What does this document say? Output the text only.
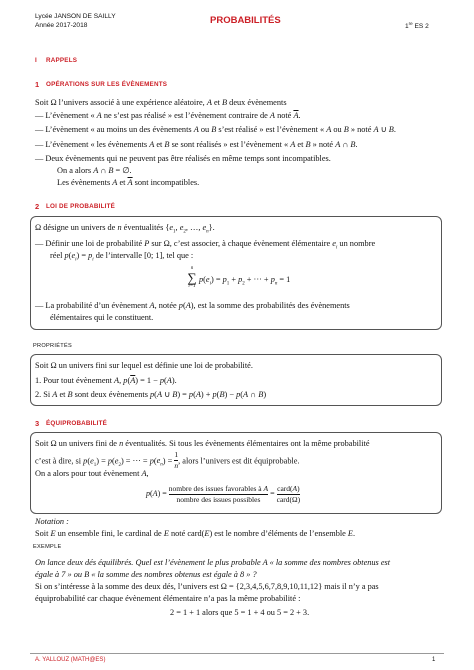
Lycée JANSON DE SAILLY
Année 2017-2018	PROBABILITÉS
1re ES 2
I RAPPELS
1 OPÉRATIONS SUR LES ÉVÈNEMENTS
Soit Ω l’univers associé à une expérience aléatoire, A et B deux évènements
— L’évènement « A ne s’est pas réalisé » est l’évènement contraire de A noté $\overline{A}$.
— L’évènement « au moins un des évènements A ou B s’est réalisé » est l’évènement « A ou B » noté A ∪ B.
— L’évènement « les évènements A et B se sont réalisés » est l’évènement « A et B » noté A ∩ B.
— Deux évènements qui ne peuvent pas être réalisés en même temps sont incompatibles.
On a alors A ∩ B = ∅.
Les évènements A et $\overline{A}$ sont incompatibles.
2 LOI DE PROBABILITÉ
Ω désigne un univers de n éventualités {$e_1$, $e_2$, …, $e_n$}.
— Définir une loi de probabilité P sur Ω, c’est associer, à chaque évènement élémentaire $e_i$ un nombre
réel $p(e_i) = p_i$ de l’intervalle [0; 1], tel que :
n
∑
i=1
$p(e_i) = p_1 + p_2$ + ··· + $p_n = 1$
— La probabilité d’un évènement A, notée p(A), est la somme des probabilités des évènements
élémentaires qui le constituent.
PROPRIÉTÉS
Soit Ω un univers fini sur lequel est définie une loi de probabilité.
1. Pour tout évènement A, $p(\overline{A}) = 1 - p(A)$.
2. Si A et B sont deux évènements p(A ∪ B) = p(A) + p(B) − p(A ∩ B)
3 ÉQUIPROBABILITÉ
Soit Ω un univers fini de n éventualités. Si tous les évènements élémentaires ont la même probabilité
c’est à dire, si $p(e_1) = p(e_2)$ = ··· = $p(e_n) = \frac{1}{n}$ , alors l’univers est dit équiprobable.
On a alors pour tout évènement A,
$p(A) = \frac{\text{nombre des issues favorables à A}}{\text{nombre des issues possibles}} = \frac{\text{card(A)}}{\text{card(Ω)}}$
Notation :
Soit E un ensemble fini, le cardinal de E noté card(E) est le nombre d’éléments de l’ensemble E.
EXEMPLE
On lance deux dés équilibrés. Quel est l’évènement le plus probable A « la somme des nombres obtenus est
égale à 7 » ou B « la somme des nombres obtenus est égale à 8 » ?
Si on s’intéresse à la somme des deux dés, l’univers est Ω = {2,3,4,5,6,7,8,9,10,11,12} mais il n’y a pas
équiprobabilité car chaque évènement élémentaire n’a pas la même probabilité :
2 = 1 + 1 alors que 5 = 1 + 4 ou 5 = 2 + 3.
A. YALLOUZ (MATH@ES)	1
